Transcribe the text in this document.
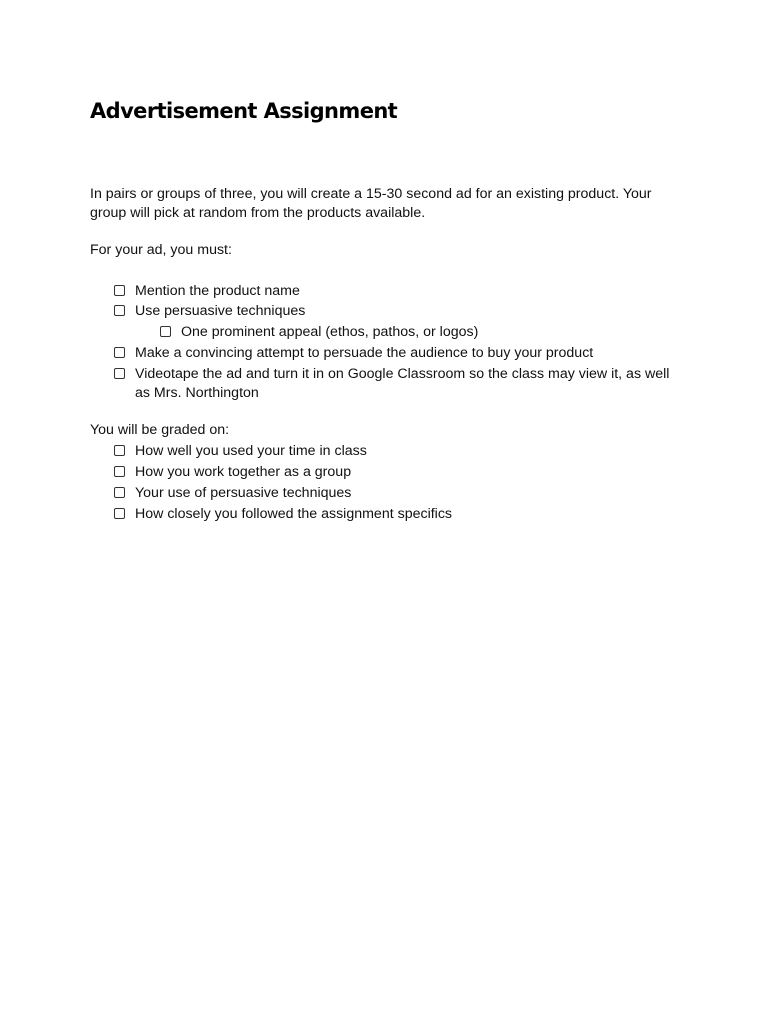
Advertisement Assignment

In pairs or groups of three, you will create a 15-30 second ad for an existing product. Your group will pick at random from the products available.

For your ad, you must:

Mention the product name
Use persuasive techniques
One prominent appeal (ethos, pathos, or logos)
Make a convincing attempt to persuade the audience to buy your product
Videotape the ad and turn it in on Google Classroom so the class may view it, as well as Mrs. Northington

You will be graded on:

How well you used your time in class
How you work together as a group
Your use of persuasive techniques
How closely you followed the assignment specifics
